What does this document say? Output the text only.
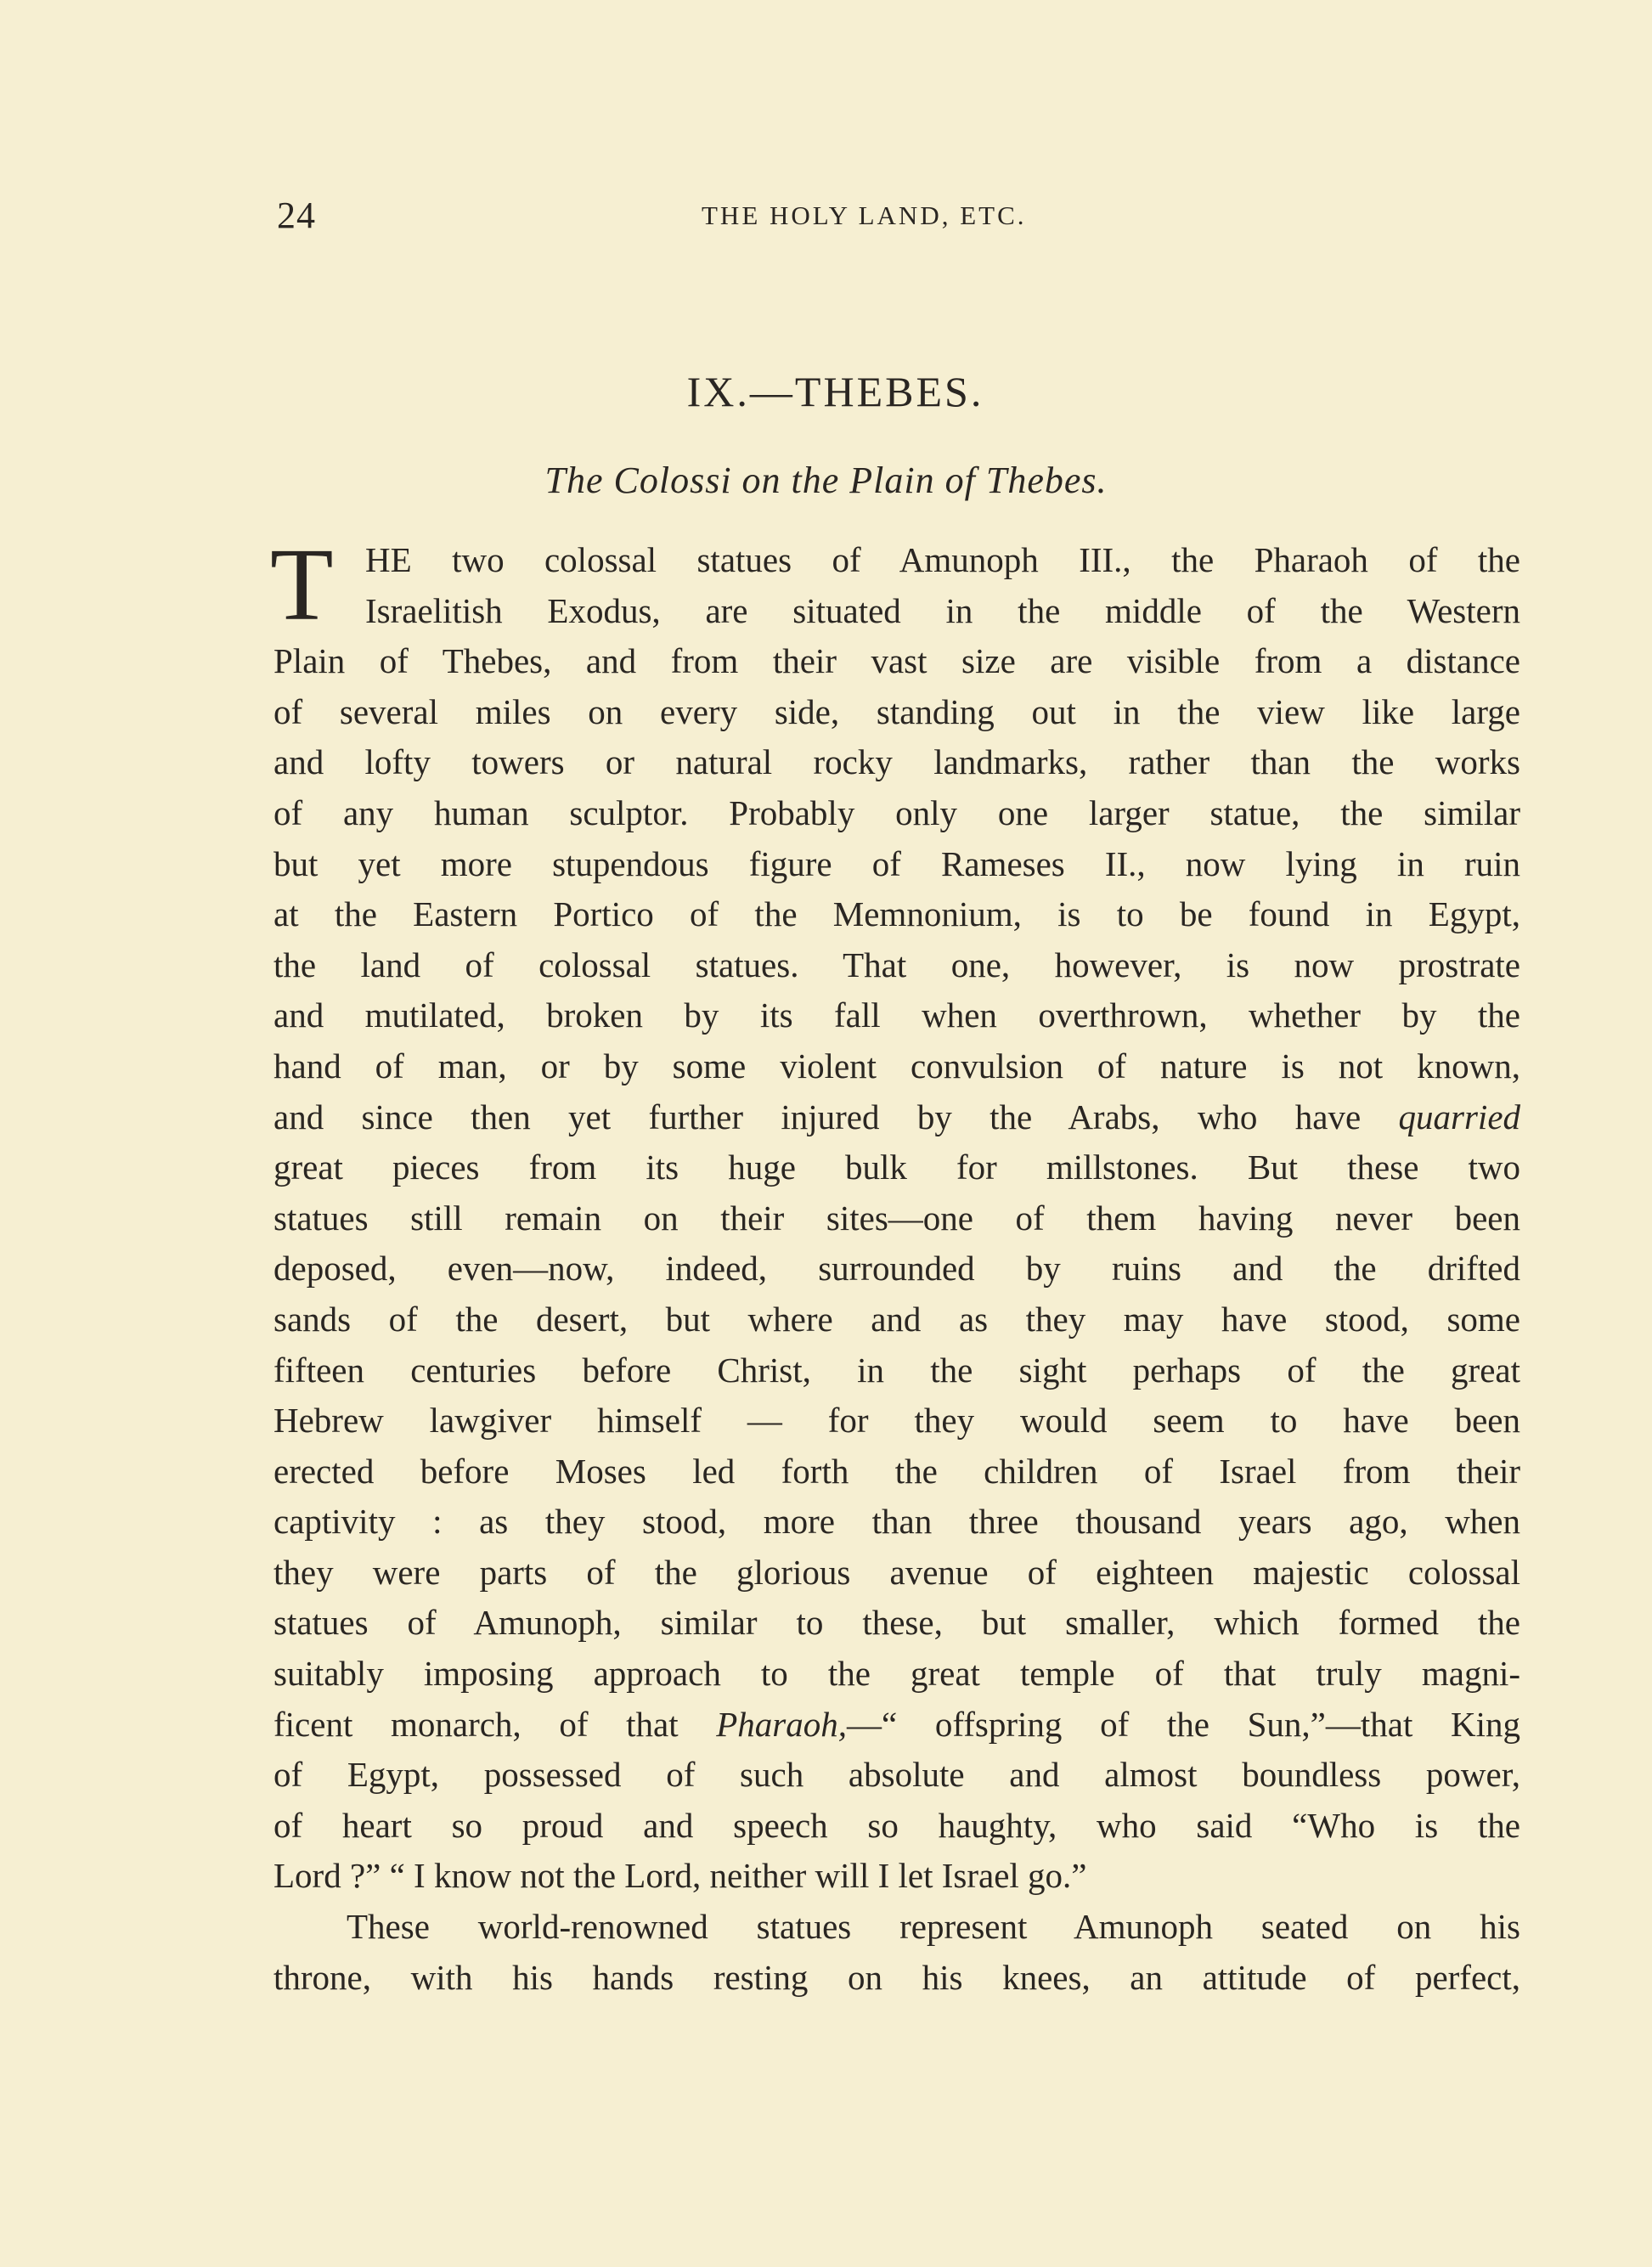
24	THE HOLY LAND, ETC.
IX.—THEBES.
The Colossi on the Plain of Thebes.
T HE two colossal statues of Amunoph III., the Pharaoh of the
Israelitish Exodus, are situated in the middle of the Western
Plain of Thebes, and from their vast size are visible from a distance
of several miles on every side, standing out in the view like large
and lofty towers or natural rocky landmarks, rather than the works
of any human sculptor. Probably only one larger statue, the similar
but yet more stupendous figure of Rameses II., now lying in ruin
at the Eastern Portico of the Memnonium, is to be found in Egypt,
the land of colossal statues. That one, however, is now prostrate
and mutilated, broken by its fall when overthrown, whether by the
hand of man, or by some violent convulsion of nature is not known,
and since then yet further injured by the Arabs, who have quarried
great pieces from its huge bulk for millstones. But these two
statues still remain on their sites—one of them having never been
deposed, even—now, indeed, surrounded by ruins and the drifted
sands of the desert, but where and as they may have stood, some
fifteen centuries before Christ, in the sight perhaps of the great
Hebrew lawgiver himself — for they would seem to have been
erected before Moses led forth the children of Israel from their
captivity : as they stood, more than three thousand years ago, when
they were parts of the glorious avenue of eighteen majestic colossal
statues of Amunoph, similar to these, but smaller, which formed the
suitably imposing approach to the great temple of that truly magni-
ficent monarch, of that Pharaoh,—“ offspring of the Sun,”—that King
of Egypt, possessed of such absolute and almost boundless power,
of heart so proud and speech so haughty, who said “Who is the
Lord ?” “ I know not the Lord, neither will I let Israel go.”
These world-renowned statues represent Amunoph seated on his
throne, with his hands resting on his knees, an attitude of perfect,
